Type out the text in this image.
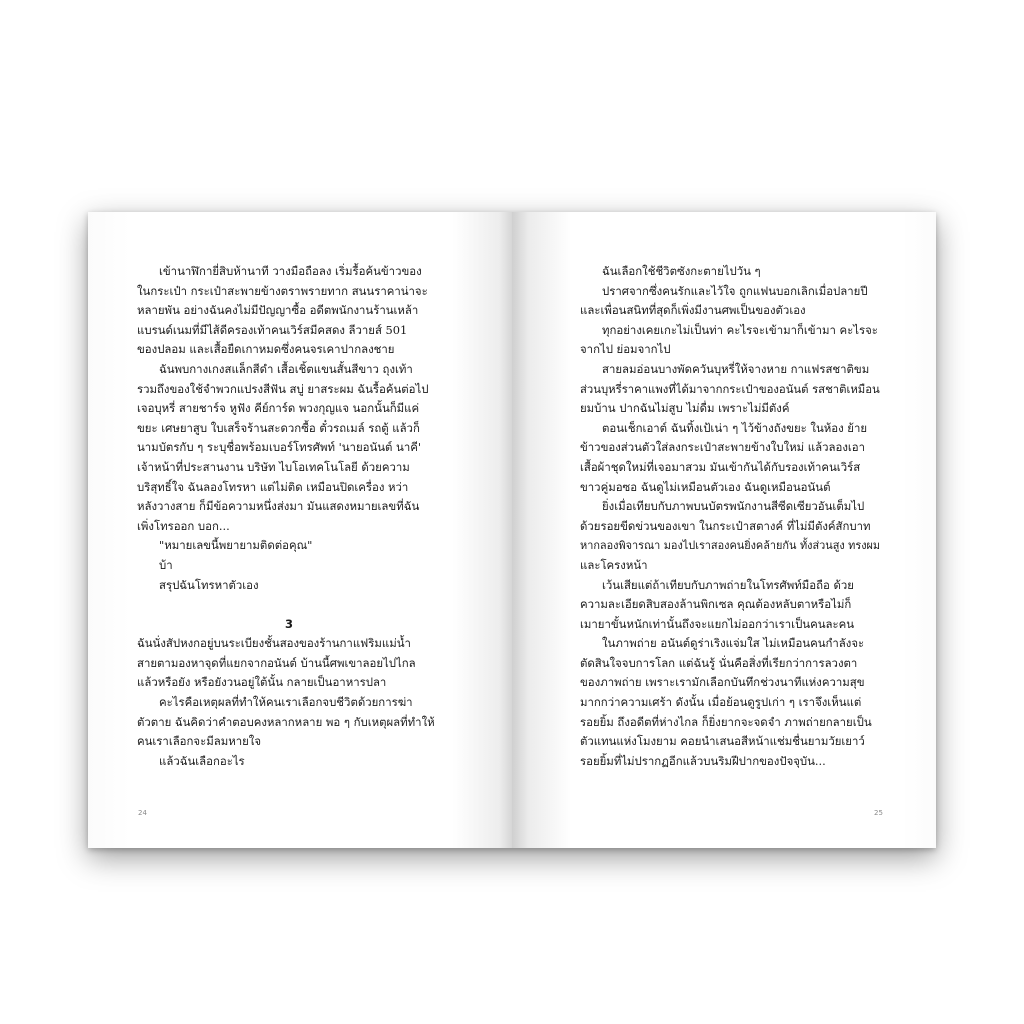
เข้านาฬิกายี่สิบห้านาที วางมือถือลง เริ่มรื้อค้นข้าวของ
ในกระเป๋า กระเป๋าสะพายข้างตราพรายทาก สนนราคาน่าจะ
หลายพัน อย่างฉันคงไม่มีปัญญาซื้อ อดีตพนักงานร้านเหล้า
แบรนด์เนมที่มีไส้ดีครองเท้าคนเวิร์สมีคสดง ลีวายส์ 501
ของปลอม และเสื้อยืดเกาหมดซึ่งคนจรเคาปากลงชาย
ฉันพบกางเกงสแล็กสีดำ เสื้อเชิ้ตแขนสั้นสีขาว ถุงเท้า
รวมถึงของใช้จำพวกแปรงสีฟัน สบู่ ยาสระผม ฉันรื้อค้นต่อไป
เจอบุหรี่ สายชาร์จ หูฟัง คีย์การ์ด พวงกุญแจ นอกนั้นก็มีแค่
ขยะ เศษยาสูบ ใบเสร็จร้านสะดวกซื้อ ตั๋วรถเมล์ รถตู้ แล้วก็
นามบัตรกับ ๆ ระบุชื่อพร้อมเบอร์โทรศัพท์ 'นายอนันต์ นาคี'
เจ้าหน้าที่ประสานงาน บริษัท ไบโอเทคโนโลยี ด้วยความ
บริสุทธิ์ใจ ฉันลองโทรหา แต่ไม่ติด เหมือนปิดเครื่อง หว่า
หลังวางสาย ก็มีข้อความหนึ่งส่งมา มันแสดงหมายเลขที่ฉัน
เพิ่งโทรออก บอก...
"หมายเลขนี้พยายามติดต่อคุณ"
บ้า
สรุปฉันโทรหาตัวเอง
3
ฉันนั่งสัปหงกอยู่บนระเบียงชั้นสองของร้านกาแฟริมแม่น้ำ
สายตามองหาจุดที่แยกจากอนันต์ บ้านนี้ศพเขาลอยไปไกล
แล้วหรือยัง หรือยังวนอยู่ใต้นั้น กลายเป็นอาหารปลา
คะไรคือเหตุผลที่ทำให้คนเราเลือกจบชีวิตด้วยการฆ่า
ตัวตาย ฉันคิดว่าคำตอบคงหลากหลาย พอ ๆ กับเหตุผลที่ทำให้
คนเราเลือกจะมีลมหายใจ
แล้วฉันเลือกอะไร
24
ฉันเลือกใช้ชีวิตซังกะตายไปวัน ๆ
ปราศจากซึ่งคนรักและไว้ใจ ถูกแฟนบอกเลิกเมื่อปลายปี
และเพื่อนสนิทที่สุดก็เพิ่งมีงานศพเป็นของตัวเอง
ทุกอย่างเคยเกะไม่เป็นท่า คะไรจะเข้ามาก็เข้ามา คะไรจะ
จากไป ย่อมจากไป
สายลมอ่อนบางพัดควันบุหรี่ให้จางหาย กาแฟรสชาติขม
ส่วนบุหรี่ราคาแพงที่ได้มาจากกระเป๋าของอนันต์ รสชาติเหมือน
ยมบ้าน ปากฉันไม่สูบ ไม่ดื่ม เพราะไม่มีตังค์
ตอนเช็กเอาต์ ฉันทิ้งเป้เน่า ๆ ไว้ข้างถังขยะ ในห้อง ย้าย
ข้าวของส่วนตัวใส่ลงกระเป๋าสะพายข้างใบใหม่ แล้วลองเอา
เสื้อผ้าชุดใหม่ที่เจอมาสวม มันเข้ากันได้กับรองเท้าคนเวิร์ส
ขาวคู่มอซอ ฉันดูไม่เหมือนตัวเอง ฉันดูเหมือนอนันต์
ยิ่งเมื่อเทียบกับภาพบนบัตรพนักงานสีซีดเซียวอันเต็มไป
ด้วยรอยขีดข่วนของเขา ในกระเป๋าสตางค์ ที่ไม่มีตังค์สักบาท
หากลองพิจารณา มองไปเราสองคนยิ่งคล้ายกัน ทั้งส่วนสูง ทรงผม
และโครงหน้า
เว้นเสียแต่ถ้าเทียบกับภาพถ่ายในโทรศัพท์มือถือ ด้วย
ความละเอียดสิบสองล้านพิกเซล คุณต้องหลับตาหรือไม่ก็
เมายาขั้นหนักเท่านั้นถึงจะแยกไม่ออกว่าเราเป็นคนละคน
ในภาพถ่าย อนันต์ดูร่าเริงแจ่มใส ไม่เหมือนคนกำลังจะ
ตัดสินใจจบการโลก แต่ฉันรู้ นั่นคือสิ่งที่เรียกว่าการลวงตา
ของภาพถ่าย เพราะเรามักเลือกบันทึกช่วงนาทีแห่งความสุข
มากกว่าความเศร้า ดังนั้น เมื่อย้อนดูรูปเก่า ๆ เราจึงเห็นแต่
รอยยิ้ม ถึงอดีตที่ห่างไกล ก็ยิ่งยากจะจดจำ ภาพถ่ายกลายเป็น
ตัวแทนแห่งโมงยาม คอยนำเสนอสีหน้าแช่มชื่นยามวัยเยาว์
รอยยิ้มที่ไม่ปรากฏอีกแล้วบนริมฝีปากของปัจจุบัน...
25
